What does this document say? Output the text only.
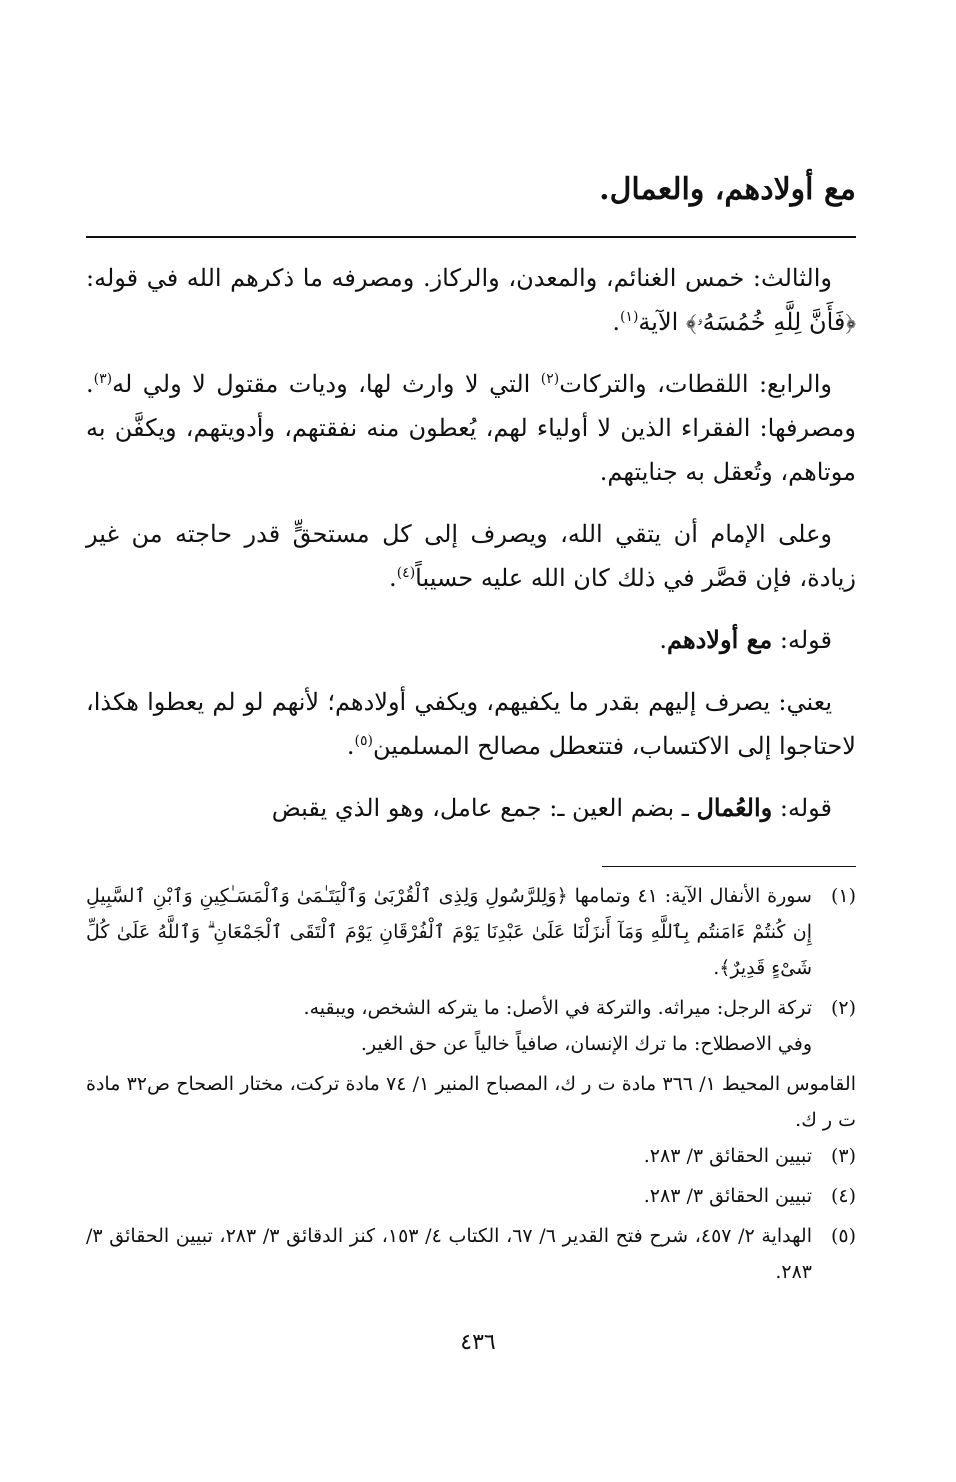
مع أولادهم، والعمال.

والثالث: خمس الغنائم، والمعدن، والركاز. ومصرفه ما ذكرهم الله في قوله: ﴿فَأَنَّ لِلَّهِ خُمُسَهُۥ﴾ الآية$^{(١)}$.

والرابع: اللقطات، والتركات$^{(٢)}$ التي لا وارث لها، وديات مقتول لا ولي له$^{(٣)}$. ومصرفها: الفقراء الذين لا أولياء لهم، يُعطون منه نفقتهم، وأدويتهم، ويكفَّن به موتاهم، وتُعقل به جنايتهم.

وعلى الإمام أن يتقي الله، ويصرف إلى كل مستحقٍّ قدر حاجته من غير زيادة، فإن قصَّر في ذلك كان الله عليه حسيباً$^{(٤)}$.

قوله: مع أولادهم.

يعني: يصرف إليهم بقدر ما يكفيهم، ويكفي أولادهم؛ لأنهم لو لم يعطوا هكذا، لاحتاجوا إلى الاكتساب، فتتعطل مصالح المسلمين$^{(٥)}$.

قوله: والعُمال ـ بضم العين ـ: جمع عامل، وهو الذي يقبض

(١)

سورة الأنفال الآية: ٤١ وتمامها ﴿وَلِلرَّسُولِ وَلِذِى ٱلْقُرْبَىٰ وَٱلْيَتَـٰمَىٰ وَٱلْمَسَـٰكِينِ وَٱبْنِ ٱلسَّبِيلِ إِن كُنتُمْ ءَامَنتُم بِٱللَّهِ وَمَآ أَنزَلْنَا عَلَىٰ عَبْدِنَا يَوْمَ ٱلْفُرْقَانِ يَوْمَ ٱلْتَقَى ٱلْجَمْعَانِ ۗ وَٱللَّهُ عَلَىٰ كُلِّ شَىْءٍ قَدِيرٌ﴾.

(٢)

تركة الرجل: ميراثه. والتركة في الأصل: ما يتركه الشخص، ويبقيه.

وفي الاصطلاح: ما ترك الإنسان، صافياً خالياً عن حق الغير.

القاموس المحيط ١/ ٣٦٦ مادة ت ر ك، المصباح المنير ١/ ٧٤ مادة تركت، مختار الصحاح ص٣٢ مادة ت ر ك.

(٣)

تبيين الحقائق ٣/ ٢٨٣.

(٤)

تبيين الحقائق ٣/ ٢٨٣.

(٥)

الهداية ٢/ ٤٥٧، شرح فتح القدير ٦/ ٦٧، الكتاب ٤/ ١٥٣، كنز الدقائق ٣/ ٢٨٣، تبيين الحقائق ٣/ ٢٨٣.

٤٣٦
